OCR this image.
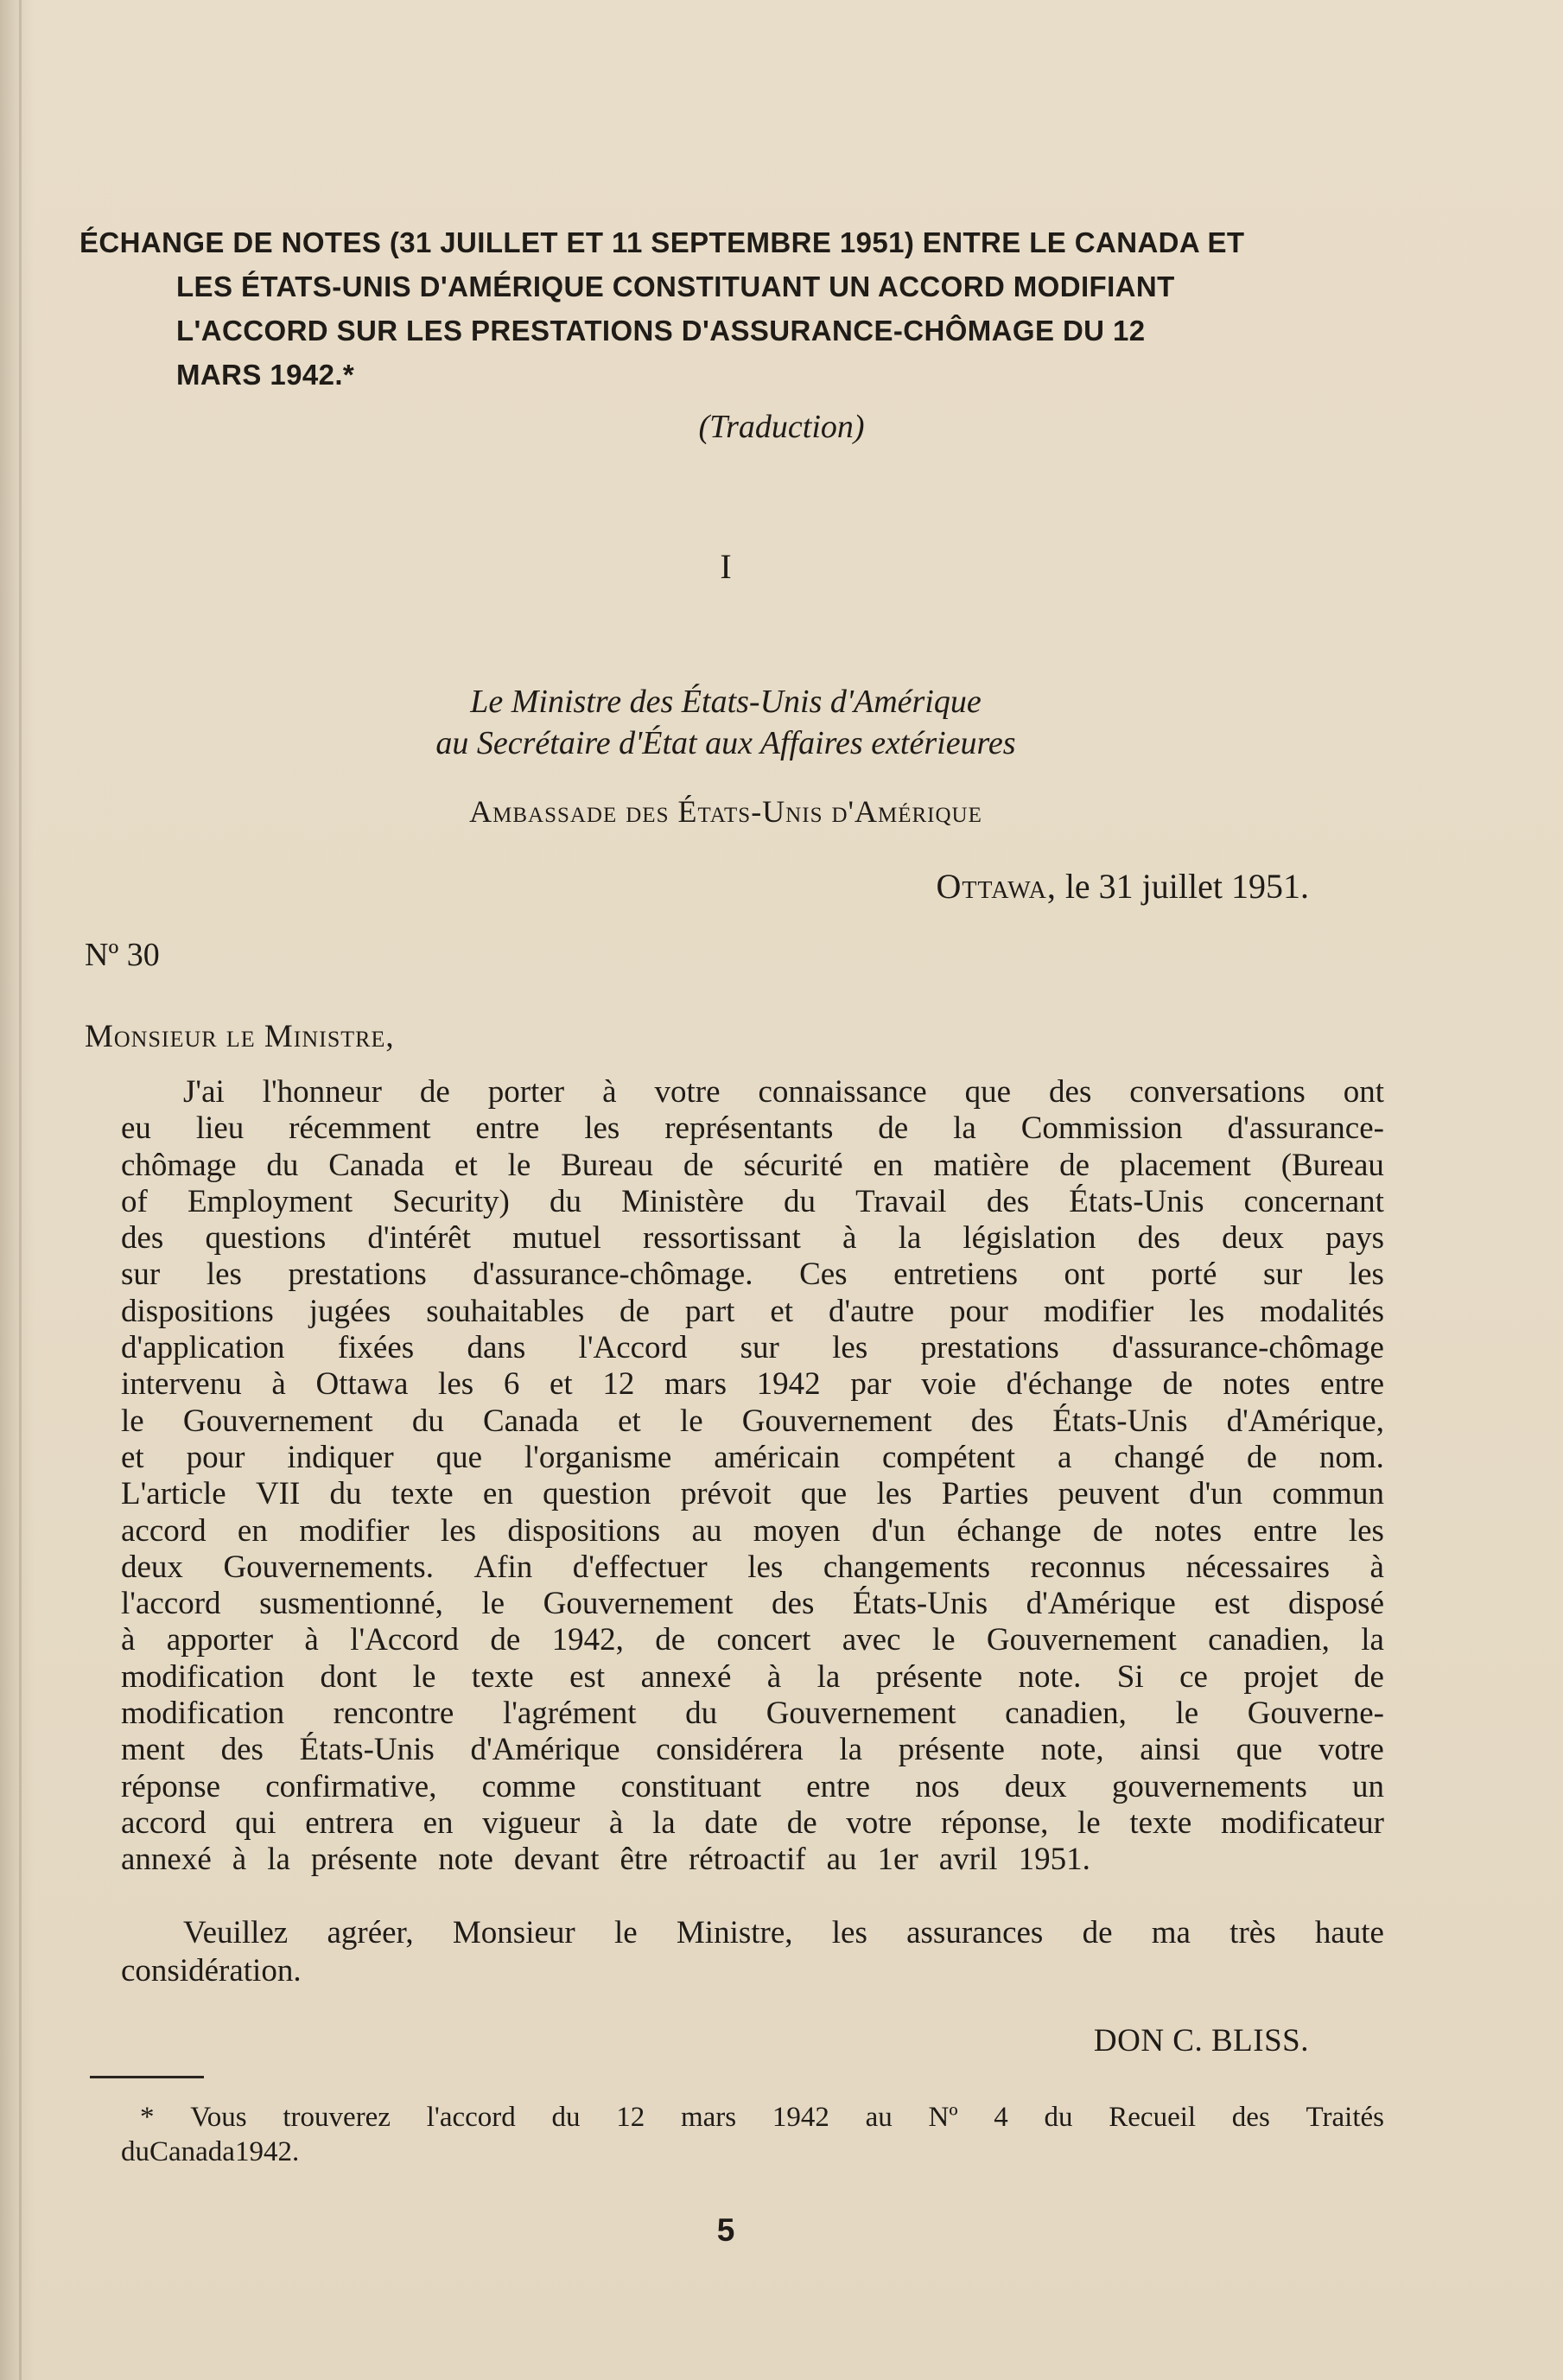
ÉCHANGE DE NOTES (31 JUILLET ET 11 SEPTEMBRE 1951) ENTRE LE CANADA ET
LES ÉTATS-UNIS D'AMÉRIQUE CONSTITUANT UN ACCORD MODIFIANT
L'ACCORD SUR LES PRESTATIONS D'ASSURANCE-CHÔMAGE DU 12
MARS 1942.*
(Traduction)
I
Le Ministre des États-Unis d'Amérique
au Secrétaire d'État aux Affaires extérieures
Ambassade des États-Unis d'Amérique
Ottawa, le 31 juillet 1951.
Nº 30
Monsieur le Ministre,
J'ai l'honneur de porter à votre connaissance que des conversations ont
eu lieu récemment entre les représentants de la Commission d'assurance-
chômage du Canada et le Bureau de sécurité en matière de placement (Bureau
of Employment Security) du Ministère du Travail des États-Unis concernant
des questions d'intérêt mutuel ressortissant à la législation des deux pays
sur les prestations d'assurance-chômage. Ces entretiens ont porté sur les
dispositions jugées souhaitables de part et d'autre pour modifier les modalités
d'application fixées dans l'Accord sur les prestations d'assurance-chômage
intervenu à Ottawa les 6 et 12 mars 1942 par voie d'échange de notes entre
le Gouvernement du Canada et le Gouvernement des États-Unis d'Amérique,
et pour indiquer que l'organisme américain compétent a changé de nom.
L'article VII du texte en question prévoit que les Parties peuvent d'un commun
accord en modifier les dispositions au moyen d'un échange de notes entre les
deux Gouvernements. Afin d'effectuer les changements reconnus nécessaires à
l'accord susmentionné, le Gouvernement des États-Unis d'Amérique est disposé
à apporter à l'Accord de 1942, de concert avec le Gouvernement canadien, la
modification dont le texte est annexé à la présente note. Si ce projet de
modification rencontre l'agrément du Gouvernement canadien, le Gouverne-
ment des États-Unis d'Amérique considérera la présente note, ainsi que votre
réponse confirmative, comme constituant entre nos deux gouvernements un
accord qui entrera en vigueur à la date de votre réponse, le texte modificateur
annexé à la présente note devant être rétroactif au 1er avril 1951.
Veuillez agréer, Monsieur le Ministre, les assurances de ma très haute
considération.
DON C. BLISS.
* Vous trouverez l'accord du 12 mars 1942 au Nº 4 du Recueil des Traités
du Canada 1942.
5
